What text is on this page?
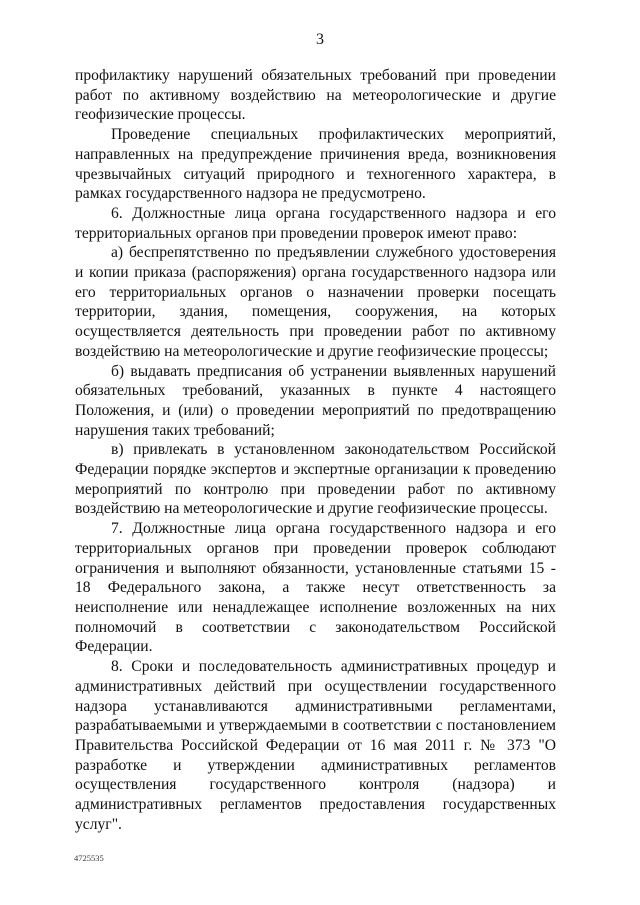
3

профилактику нарушений обязательных требований при проведении работ по активному воздействию на метеорологические и другие геофизические процессы.

Проведение специальных профилактических мероприятий, направленных на предупреждение причинения вреда, возникновения чрезвычайных ситуаций природного и техногенного характера, в рамках государственного надзора не предусмотрено.

6. Должностные лица органа государственного надзора и его территориальных органов при проведении проверок имеют право:

а) беспрепятственно по предъявлении служебного удостоверения и копии приказа (распоряжения) органа государственного надзора или его территориальных органов о назначении проверки посещать территории, здания, помещения, сооружения, на которых осуществляется деятельность при проведении работ по активному воздействию на метеорологические и другие геофизические процессы;

б) выдавать предписания об устранении выявленных нарушений обязательных требований, указанных в пункте 4 настоящего Положения, и (или) о проведении мероприятий по предотвращению нарушения таких требований;

в) привлекать в установленном законодательством Российской Федерации порядке экспертов и экспертные организации к проведению мероприятий по контролю при проведении работ по активному воздействию на метеорологические и другие геофизические процессы.

7. Должностные лица органа государственного надзора и его территориальных органов при проведении проверок соблюдают ограничения и выполняют обязанности, установленные статьями 15 - 18 Федерального закона, а также несут ответственность за неисполнение или ненадлежащее исполнение возложенных на них полномочий в соответствии с законодательством Российской Федерации.

8. Сроки и последовательность административных процедур и административных действий при осуществлении государственного надзора устанавливаются административными регламентами, разрабатываемыми и утверждаемыми в соответствии с постановлением Правительства Российской Федерации от 16 мая 2011 г. № 373 "О разработке и утверждении административных регламентов осуществления государственного контроля (надзора) и административных регламентов предоставления государственных услуг".

4725535
